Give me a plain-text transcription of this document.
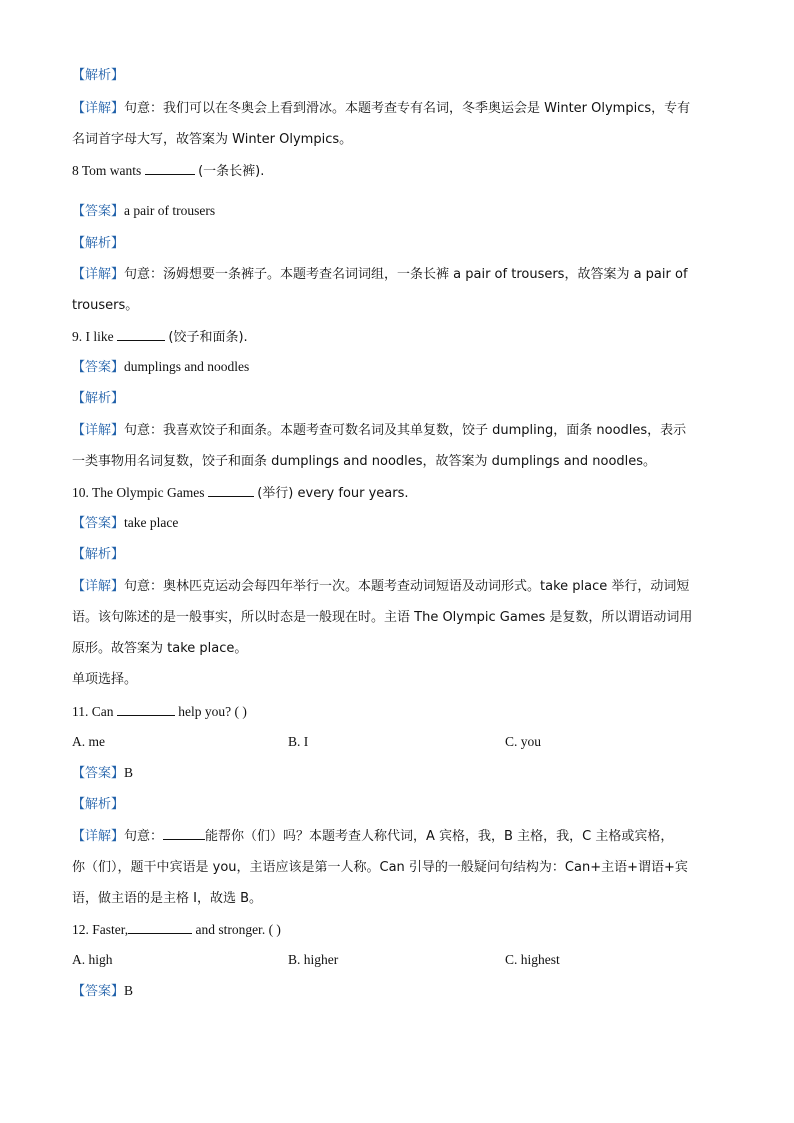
【解析】
【详解】句意：我们可以在冬奥会上看到滑冰。本题考查专有名词，冬季奥运会是 Winter Olympics，专有
名词首字母大写，故答案为 Winter Olympics。
8 Tom wants	(一条长裤).
【答案】a pair of trousers
【解析】
【详解】句意：汤姆想要一条裤子。本题考查名词词组，一条长裤 a pair of trousers，故答案为 a pair of
trousers。
9. I like	(饺子和面条).
【答案】dumplings and noodles
【解析】
【详解】句意：我喜欢饺子和面条。本题考查可数名词及其单复数，饺子 dumpling，面条 noodles，表示
一类事物用名词复数，饺子和面条 dumplings and noodles，故答案为 dumplings and noodles。
10. The Olympic Games	(举行) every four years.
【答案】take place
【解析】
【详解】句意：奥林匹克运动会每四年举行一次。本题考查动词短语及动词形式。take place 举行，动词短
语。该句陈述的是一般事实，所以时态是一般现在时。主语 The Olympic Games 是复数，所以谓语动词用
原形。故答案为 take place。
单项选择。
11. Can	help you? ( )
A. me	B. I	C. you
【答案】B
【解析】
【详解】句意：	能帮你（们）吗？本题考查人称代词，A 宾格，我，B 主格，我，C 主格或宾格，
你（们），题干中宾语是 you，主语应该是第一人称。Can 引导的一般疑问句结构为：Can+主语+谓语+宾
语，做主语的是主格 I，故选 B。
12. Faster,	and stronger. ( )
A. high	B. higher	C. highest
【答案】B
